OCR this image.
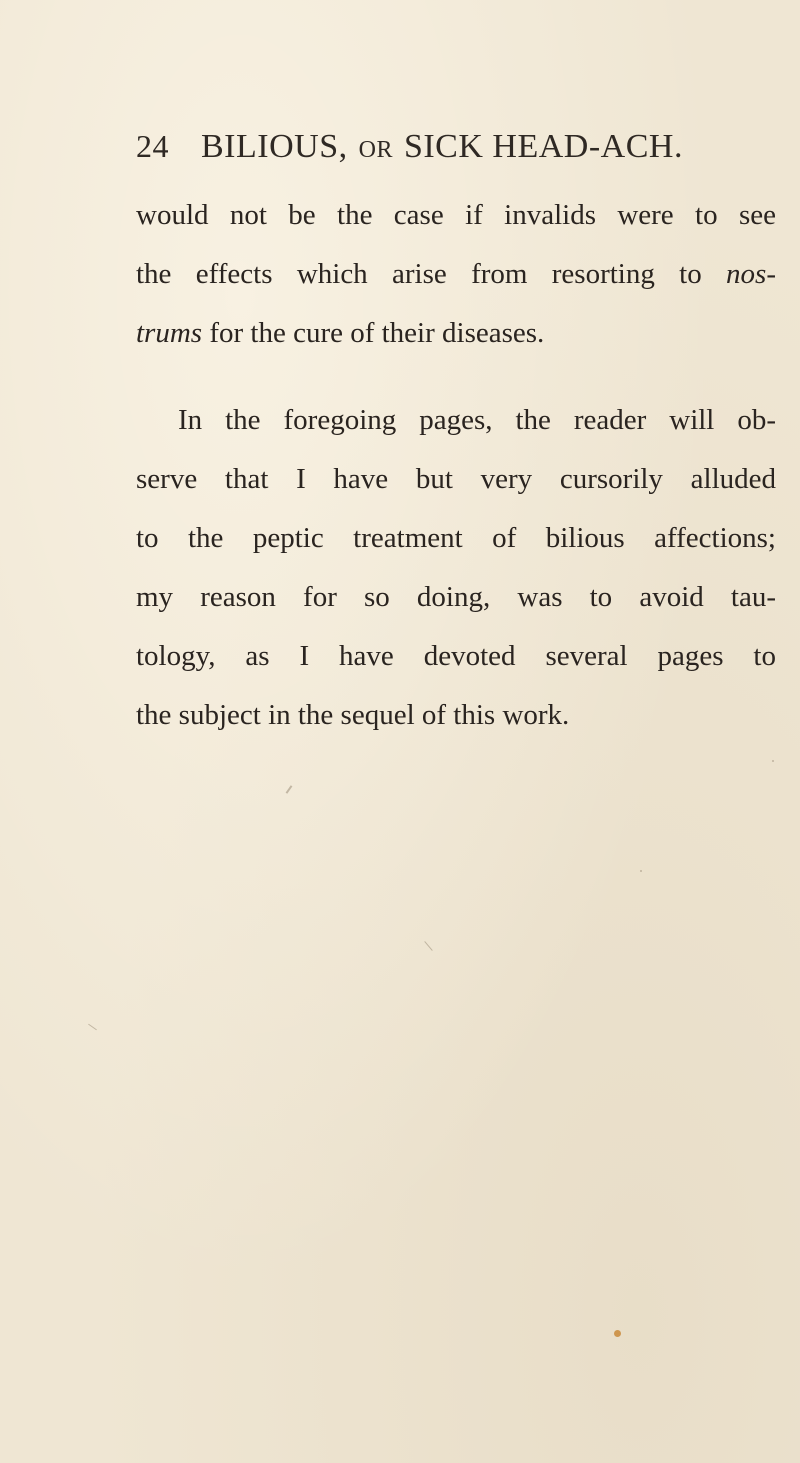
24 BILIOUS, OR SICK HEAD-ACH.
would not be the case if invalids were to see
the effects which arise from resorting to nos-
trums for the cure of their diseases.
In the foregoing pages, the reader will ob-
serve that I have but very cursorily alluded
to the peptic treatment of bilious affections;
my reason for so doing, was to avoid tau-
tology, as I have devoted several pages to
the subject in the sequel of this work.
